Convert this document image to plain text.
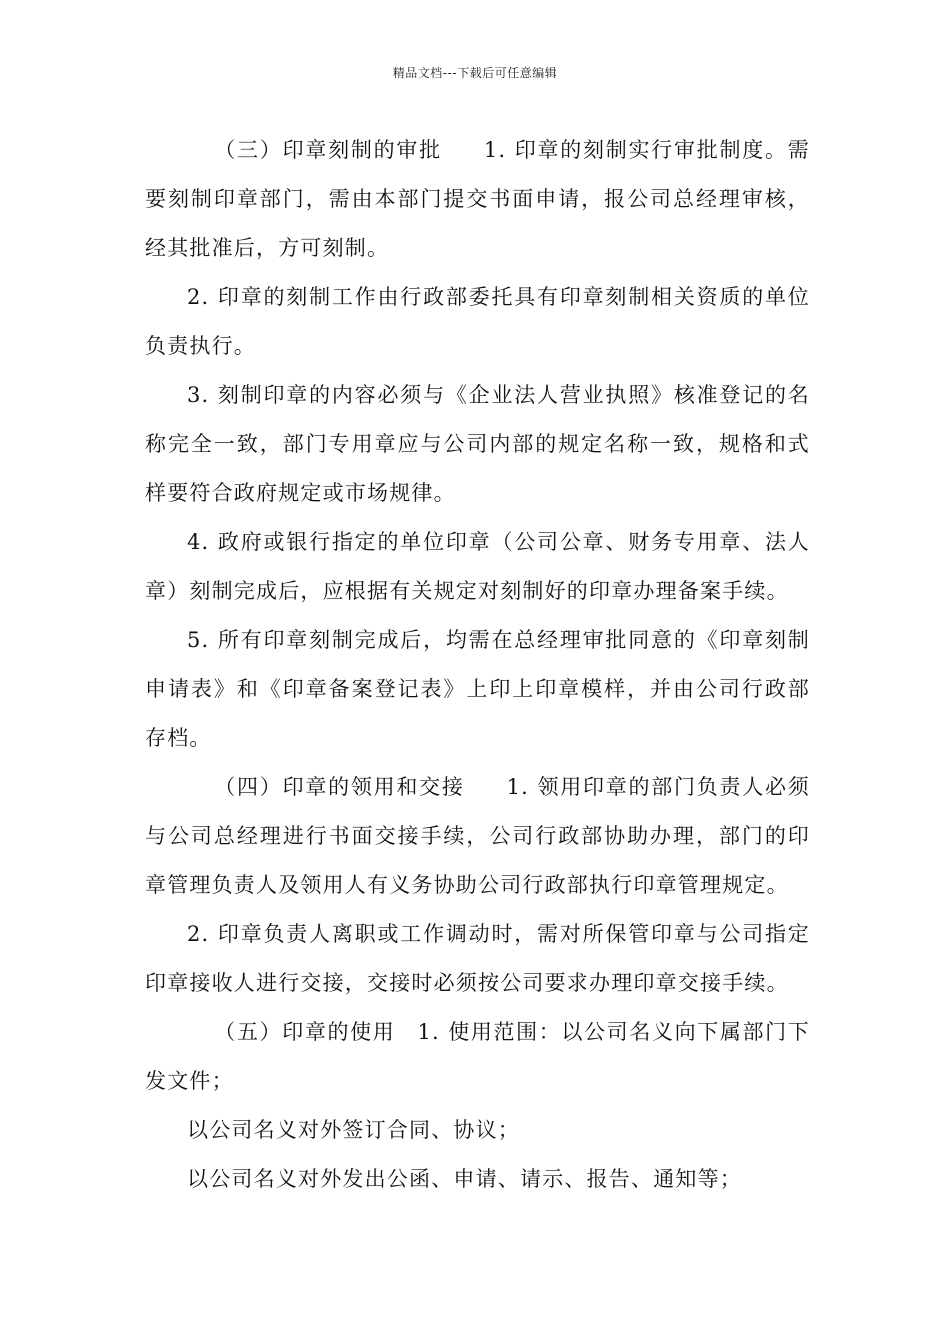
精品文档---下载后可任意编辑

（三）印章刻制的审批 1. 印章的刻制实行审批制度。需要刻制印章部门，需由本部门提交书面申请，报公司总经理审核，经其批准后，方可刻制。

2. 印章的刻制工作由行政部委托具有印章刻制相关资质的单位负责执行。

3. 刻制印章的内容必须与《企业法人营业执照》核准登记的名称完全一致，部门专用章应与公司内部的规定名称一致，规格和式样要符合政府规定或市场规律。

4. 政府或银行指定的单位印章（公司公章、财务专用章、法人章）刻制完成后，应根据有关规定对刻制好的印章办理备案手续。

5. 所有印章刻制完成后，均需在总经理审批同意的《印章刻制申请表》和《印章备案登记表》上印上印章模样，并由公司行政部存档。

（四）印章的领用和交接 1. 领用印章的部门负责人必须与公司总经理进行书面交接手续，公司行政部协助办理，部门的印章管理负责人及领用人有义务协助公司行政部执行印章管理规定。

2. 印章负责人离职或工作调动时，需对所保管印章与公司指定印章接收人进行交接，交接时必须按公司要求办理印章交接手续。

（五）印章的使用 1. 使用范围：以公司名义向下属部门下发文件；

以公司名义对外签订合同、协议；

以公司名义对外发出公函、申请、请示、报告、通知等；
